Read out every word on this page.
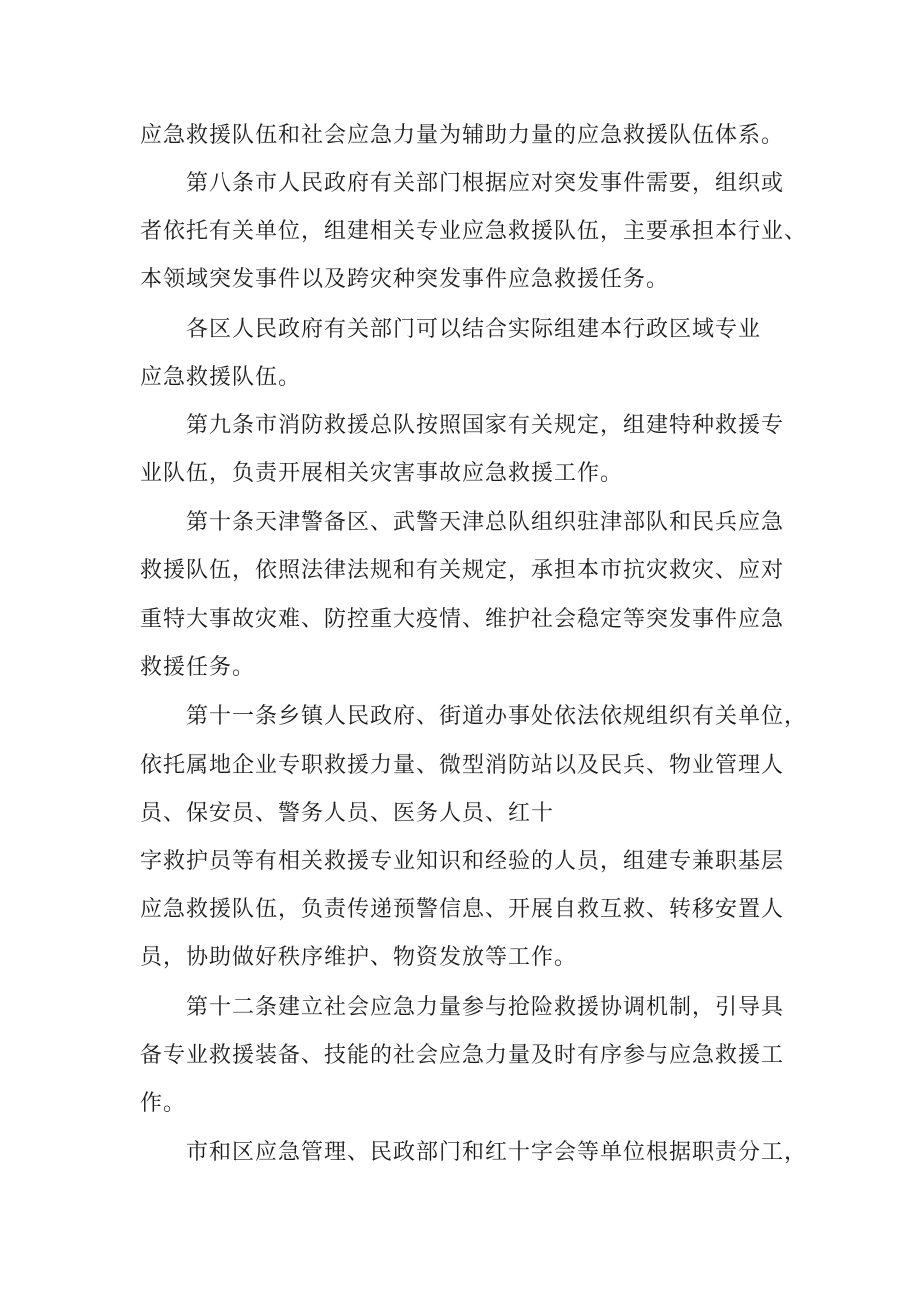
应急救援队伍和社会应急力量为辅助力量的应急救援队伍体系。
第八条市人民政府有关部门根据应对突发事件需要，组织或
者依托有关单位，组建相关专业应急救援队伍，主要承担本行业、
本领域突发事件以及跨灾种突发事件应急救援任务。
各区人民政府有关部门可以结合实际组建本行政区域专业
应急救援队伍。
第九条市消防救援总队按照国家有关规定，组建特种救援专
业队伍，负责开展相关灾害事故应急救援工作。
第十条天津警备区、武警天津总队组织驻津部队和民兵应急
救援队伍，依照法律法规和有关规定，承担本市抗灾救灾、应对
重特大事故灾难、防控重大疫情、维护社会稳定等突发事件应急
救援任务。
第十一条乡镇人民政府、街道办事处依法依规组织有关单位，
依托属地企业专职救援力量、微型消防站以及民兵、物业管理人
员、保安员、警务人员、医务人员、红十
字救护员等有相关救援专业知识和经验的人员，组建专兼职基层
应急救援队伍，负责传递预警信息、开展自救互救、转移安置人
员，协助做好秩序维护、物资发放等工作。
第十二条建立社会应急力量参与抢险救援协调机制，引导具
备专业救援装备、技能的社会应急力量及时有序参与应急救援工
作。
市和区应急管理、民政部门和红十字会等单位根据职责分工，
